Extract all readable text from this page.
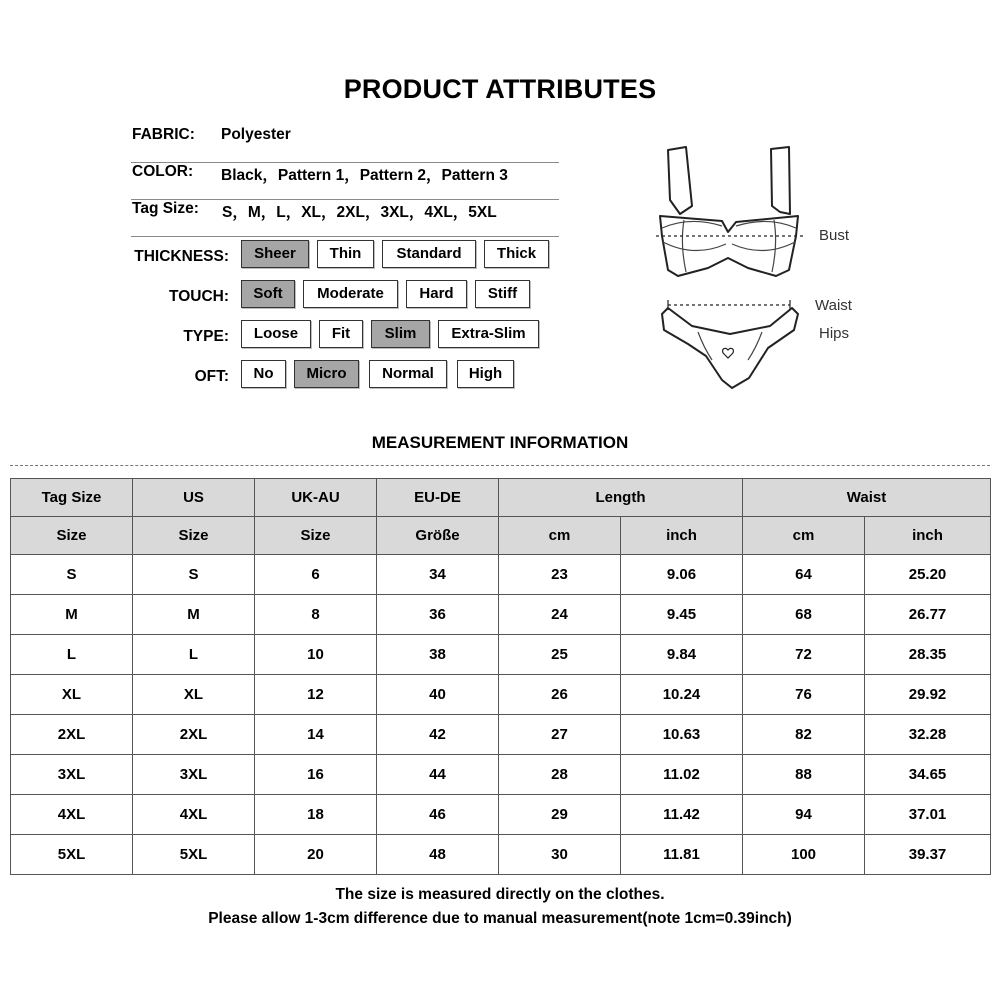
PRODUCT ATTRIBUTES
FABRIC: Polyester
COLOR: Black，Pattern 1，Pattern 2，Pattern 3
Tag Size: S，M，L，XL，2XL，3XL，4XL，5XL
THICKNESS:	Sheer	Thin	Standard	Thick
TOUCH:	Soft	Moderate	Hard	Stiff
TYPE:	Loose	Fit	Slim	Extra-Slim
OFT:	No	Micro	Normal	High
Bust
Waist
Hips
MEASUREMENT INFORMATION
Tag Size	US	UK-AU	EU-DE	Length		Waist	
Size	Size	Size	Größe	cm	inch	cm	inch
S	S	6	34	23	9.06	64	25.20
M	M	8	36	24	9.45	68	26.77
L	L	10	38	25	9.84	72	28.35
XL	XL	12	40	26	10.24	76	29.92
2XL	2XL	14	42	27	10.63	82	32.28
3XL	3XL	16	44	28	11.02	88	34.65
4XL	4XL	18	46	29	11.42	94	37.01
5XL	5XL	20	48	30	11.81	100	39.37
The size is measured directly on the clothes.
Please allow 1-3cm difference due to manual measurement(note 1cm=0.39inch)
